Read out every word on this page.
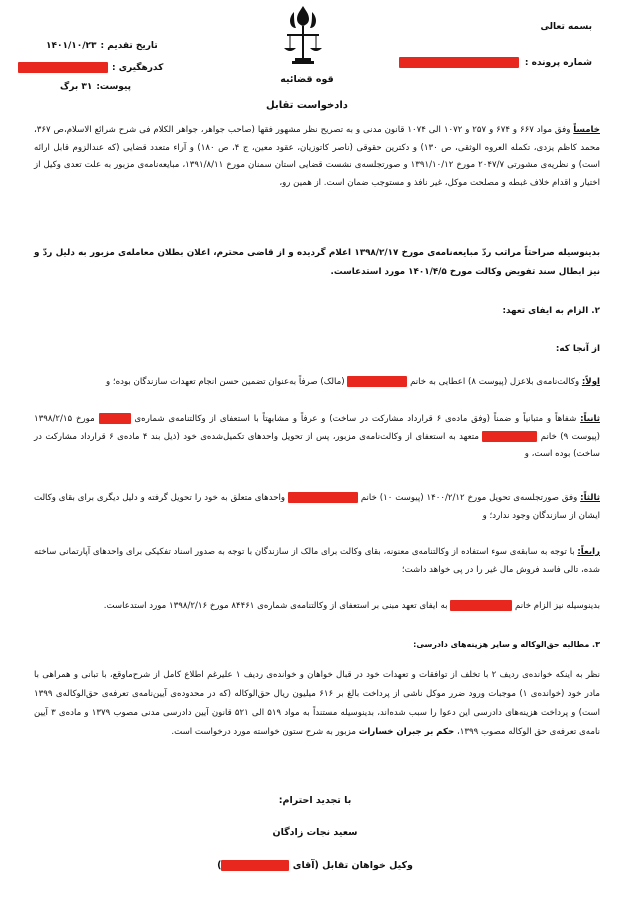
بسمه تعالی
شماره پرونده :
تاریخ تقدیم :
۱۴۰۱/۱۰/۲۳
کدرهگیری :
پیوست:
۳۱ برگ
قوه قضائیه
دادخواست تقابل
خامساً وفق مواد ۶۶۷ و ۶۷۴ و ۲۵۷ و ۱۰۷۲ الی ۱۰۷۴ قانون مدنی و به تصریح نظر مشهور فقها (صاحب جواهر، جواهر الکلام فی شرح شرائع الاسلام،ص ۳۶۷، محمد کاظم یزدی، تکمله العروه الوثقی، ص ۱۳۰) و دکترین حقوقی (ناصر کاتوزیان، عقود معین، ج ۴، ص ۱۸۰) و آراء متعدد قضایی (که عندالزوم قابل ارائه است) و نظریه‌ی مشورتی ۲۰۴۷/۷ مورخ ۱۳۹۱/۱۰/۱۲ و صورتجلسه‌ی نشست قضایی استان سمنان مورخ ۱۳۹۱/۸/۱۱، مبایعه‌نامه‌ی مزبور به علت تعدی وکیل از اختیار و اقدام خلاف غبطه و مصلحت موکل، غیر نافذ و مستوجب ضمان است. از همین رو،
بدینوسیله صراحتاً مراتب ردّ مبایعه‌نامه‌ی مورخ ۱۳۹۸/۲/۱۷ اعلام گردیده و از قاضی محترم، اعلان بطلان معامله‌ی مزبور به دلیل ردّ و نیز ابطال سند تفویض وکالت مورخ ۱۴۰۱/۴/۵ مورد استدعاست.
۲. الزام به ایفای تعهد:
از آنجا که:
اولاً: وکالت‌نامه‌ی بلاعزل (پیوست ۸) اعطایی به خانم  (مالک) صرفاً به‌عنوان تضمین حسن انجام تعهدات سازندگان بوده؛ و
ثانیاً: شفاهاً و متبانیاً و ضمناً (وفق ماده‌ی ۶ قرارداد مشارکت در ساخت) و عرفاً و مشابهتاً با استعفای از وکالتنامه‌ی شماره‌ی  مورخ ۱۳۹۸/۲/۱۵ (پیوست ۹) خانم  متعهد به استعفای از وکالت‌نامه‌ی مزبور، پس از تحویل واحدهای تکمیل‌شده‌ی خود (ذیل بند ۴ ماده‌ی ۶ قرارداد مشارکت در ساخت) بوده است، و
ثالثاً: وفق صورتجلسه‌ی تحویل مورخ ۱۴۰۰/۲/۱۲ (پیوست ۱۰) خانم  واحدهای متعلق به خود را تحویل گرفته و دلیل دیگری برای بقای وکالت ایشان از سازندگان وجود ندارد؛ و
رابعاً: با توجه به سابقه‌ی سوء استفاده از وکالتنامه‌ی معنونه، بقای وکالت برای مالک از سازندگان با توجه به صدور اسناد تفکیکی برای واحدهای آپارتمانی ساخته شده، تالی فاسد فروش مال غیر را در پی خواهد داشت؛
بدینوسیله نیز الزام خانم  به ایفای تعهد مبنی بر استعفای از وکالتنامه‌ی شماره‌ی ۸۴۴۶۱ مورخ ۱۳۹۸/۲/۱۶ مورد استدعاست.
۳. مطالبه حق‌الوکاله و سایر هزینه‌های دادرسی:
نظر به اینکه خوانده‌ی ردیف ۲ با تخلف از توافقات و تعهدات خود در قبال خواهان و خوانده‌ی ردیف ۱ علیرغم اطلاع کامل از شرح‌ماوقع، با تبانی و همراهی با مادر خود (خوانده‌ی ۱) موجبات ورود ضرر موکل ناشی از پرداخت بالغ بر ۶۱۶ میلیون ریال حق‌الوکاله (که در محدوده‌ی آیین‌نامه‌ی تعرفه‌ی حق‌الوکاله‌ی ۱۳۹۹ است) و پرداخت هزینه‌های دادرسی این دعوا را سبب شده‌اند، بدینوسیله مستنداً به مواد ۵۱۹ الی ۵۲۱ قانون آیین دادرسی مدنی مصوب ۱۳۷۹ و ماده‌ی ۳ آیین نامه‌ی تعرفه‌ی حق الوکاله مصوب ۱۳۹۹، حکم بر جبران خسارات مزبور به شرح ستون خواسته مورد درخواست است.
با تجدید احترام:
سعید نجات زادگان
وکیل خواهان تقابل (آقای )
